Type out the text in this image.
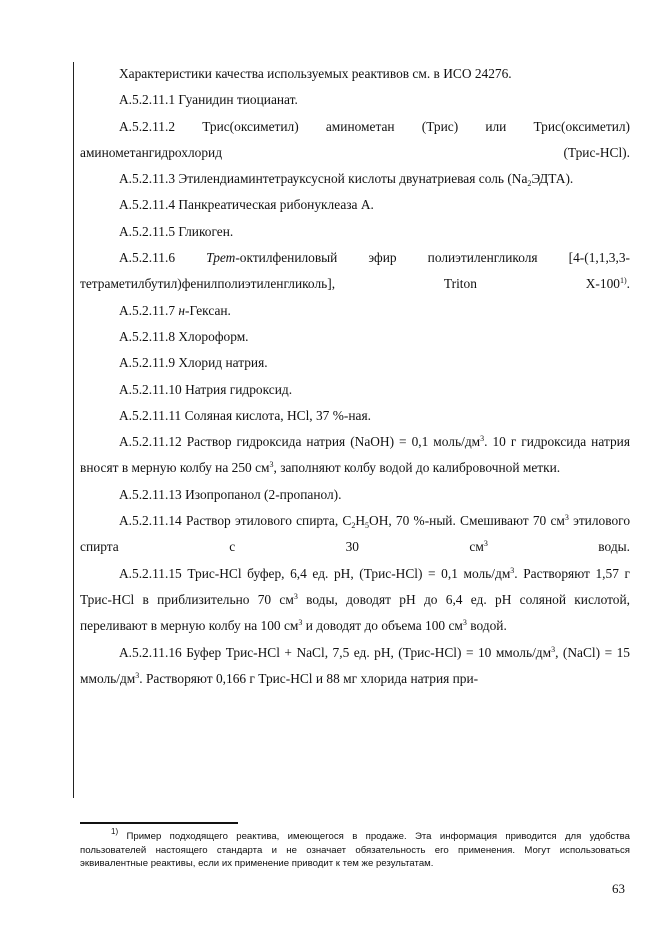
Характеристики качества используемых реактивов см. в ИСО 24276.

А.5.2.11.1 Гуанидин тиоцианат.

А.5.2.11.2 Трис(оксиметил) аминометан (Трис) или Трис(оксиметил) аминометангидрохлорид (Трис-HCl).

А.5.2.11.3 Этилендиаминтетрауксусной кислоты двунатриевая соль $(Na_2ЭДТА)$.

А.5.2.11.4 Панкреатическая рибонуклеаза А.

А.5.2.11.5 Гликоген.

А.5.2.11.6 Трет-октилфениловый эфир полиэтиленгликоля [4-(1,1,3,3-тетраметилбутил)фенилполиэтиленгликоль], Triton X-100$^{1)}$.

А.5.2.11.7 н-Гексан.

А.5.2.11.8 Хлороформ.

А.5.2.11.9 Хлорид натрия.

А.5.2.11.10 Натрия гидроксид.

А.5.2.11.11 Соляная кислота, HCl, 37 %-ная.

А.5.2.11.12 Раствор гидроксида натрия (NaOH) = 0,1 моль/$дм^3$. 10 г гидроксида натрия вносят в мерную колбу на 250 $см^3$, заполняют колбу водой до калибровочной метки.

А.5.2.11.13 Изопропанол (2-пропанол).

А.5.2.11.14 Раствор этилового спирта, $C_2H_5OH$, 70 %-ный. Смешивают 70 $см^3$ этилового спирта с 30 $см^3$ воды.

А.5.2.11.15 Трис-HCl буфер, 6,4 ед. рН, (Трис-HCl) = 0,1 моль/$дм^3$. Растворяют 1,57 г Трис-HCl в приблизительно 70 $см^3$ воды, доводят рН до 6,4 ед. рН соляной кислотой, переливают в мерную колбу на 100 $см^3$ и доводят до объема 100 $см^3$ водой.

А.5.2.11.16 Буфер Трис-HCl + NaCl, 7,5 ед. рН, (Трис-HCl) = 10 ммоль/$дм^3$, (NaCl) = 15 ммоль/$дм^3$. Растворяют 0,166 г Трис-HCl и 88 мг хлорида натрия при-

$^{1)}$ Пример подходящего реактива, имеющегося в продаже. Эта информация приводится для удобства пользователей настоящего стандарта и не означает обязательность его применения. Могут использоваться эквивалентные реактивы, если их применение приводит к тем же результатам.
63
